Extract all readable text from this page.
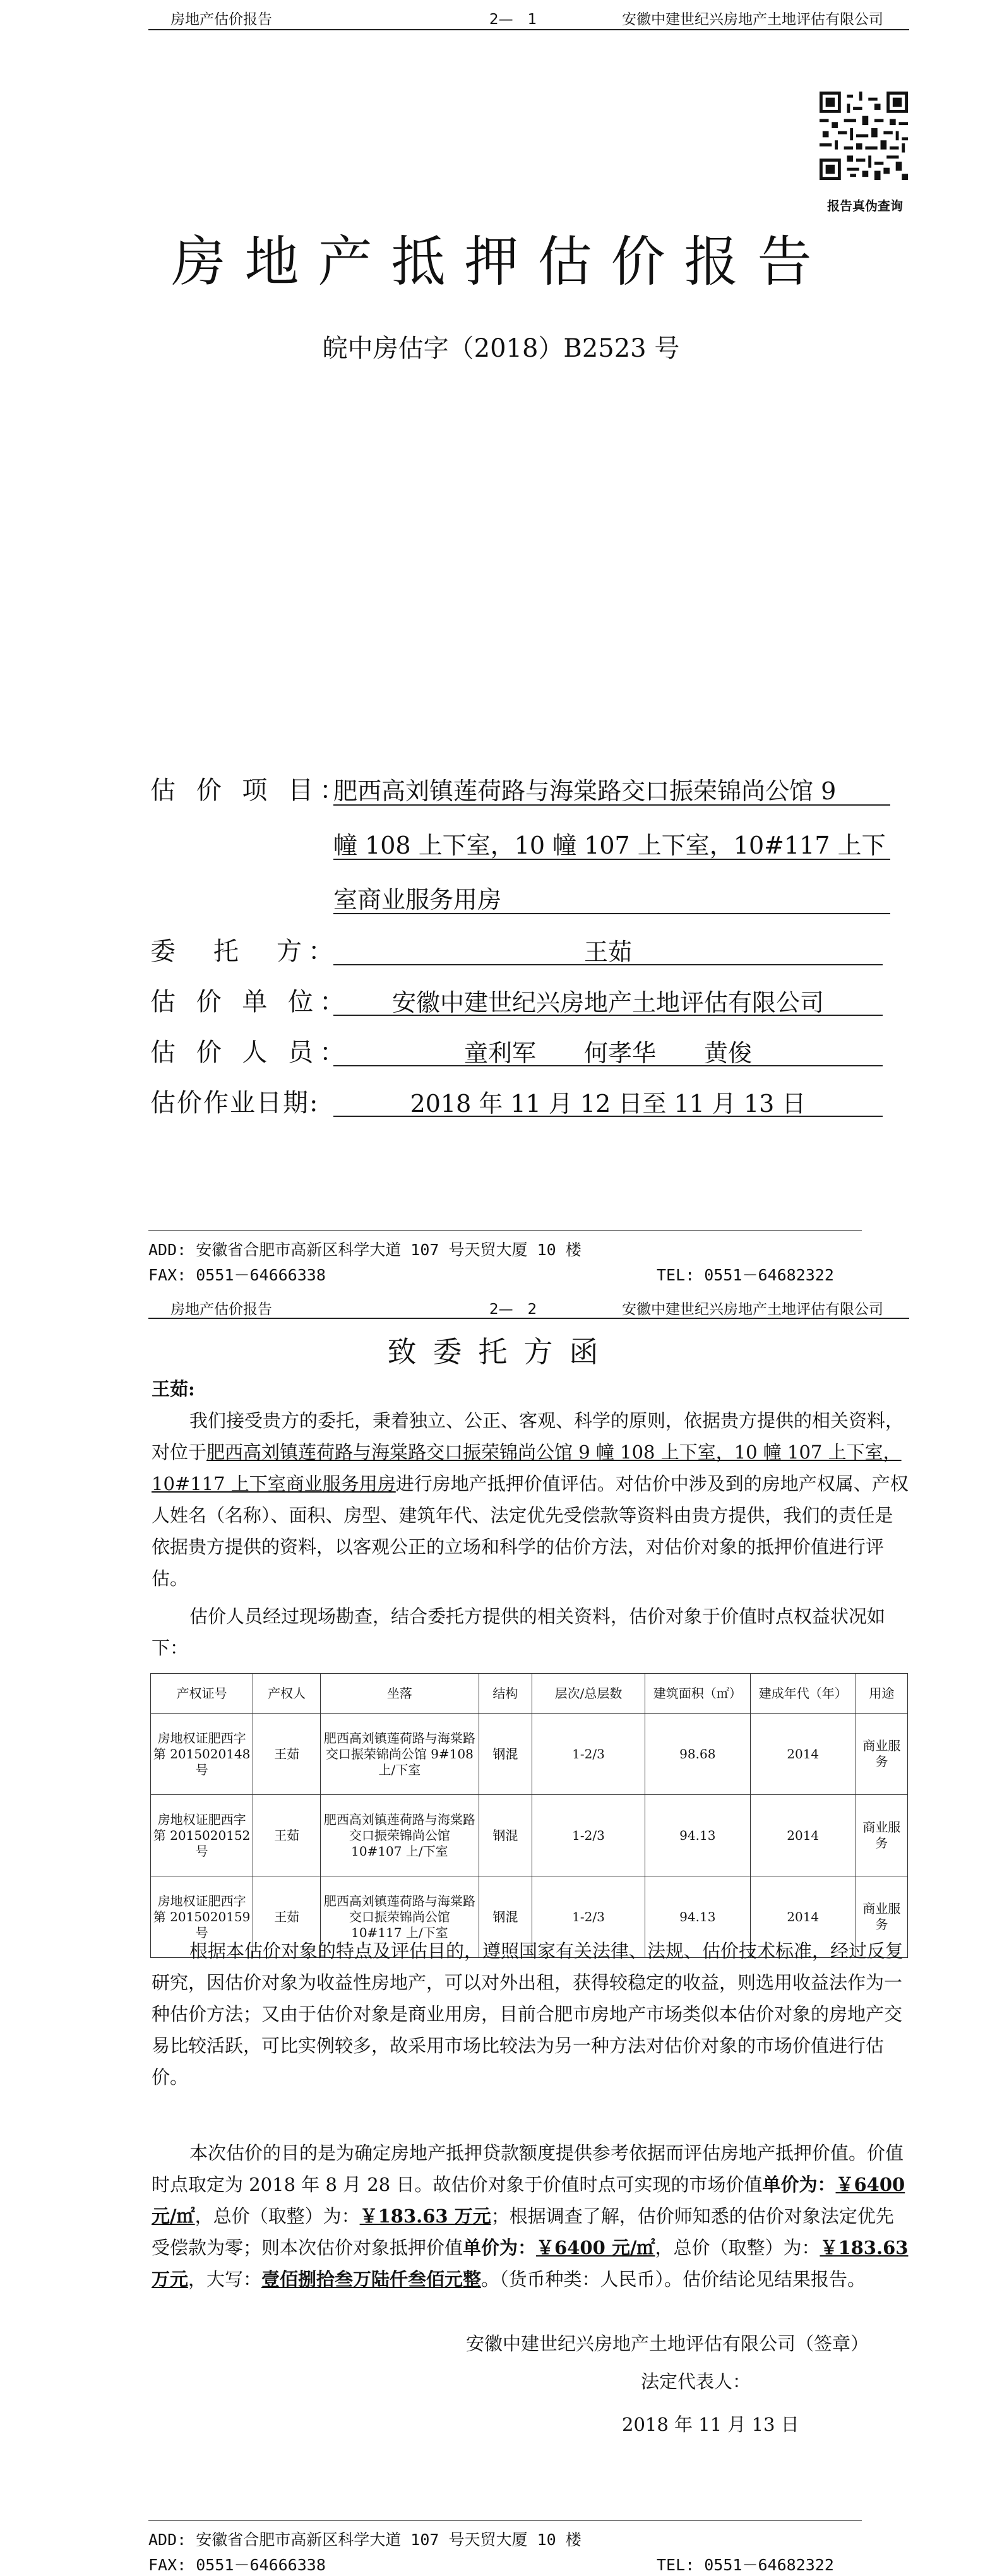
房地产估价报告	2—　1	安徽中建世纪兴房地产土地评估有限公司
报告真伪查询
房地产抵押估价报告
皖中房估字（2018）B2523 号
估 价 项 目：
肥西高刘镇莲荷路与海棠路交口振荣锦尚公馆 9
幢 108 上下室，10 幢 107 上下室，10#117 上下
室商业服务用房
委　托　方：	王茹
估 价 单 位：	安徽中建世纪兴房地产土地评估有限公司
估 价 人 员：	童利军　　何孝华　　黄俊
估价作业日期:	2018 年 11 月 12 日至 11 月 13 日
ADD: 安徽省合肥市高新区科学大道 107 号天贸大厦 10 楼
FAX: 0551－64666338	TEL: 0551－64682322
房地产估价报告	2—　2	安徽中建世纪兴房地产土地评估有限公司
致委托方函
王茹:

我们接受贵方的委托，秉着独立、公正、客观、科学的原则，依据贵方提供的相关资料，对位于肥西高刘镇莲荷路与海棠路交口振荣锦尚公馆 9 幢 108 上下室，10 幢 107 上下室，10#117 上下室商业服务用房进行房地产抵押价值评估。对估价中涉及到的房地产权属、产权人姓名（名称）、面积、房型、建筑年代、法定优先受偿款等资料由贵方提供，我们的责任是依据贵方提供的资料，以客观公正的立场和科学的估价方法，对估价对象的抵押价值进行评估。

估价人员经过现场勘查，结合委托方提供的相关资料，估价对象于价值时点权益状况如下：

产权证号	产权人	坐落	结构	层次/总层数	建筑面积（㎡）	建成年代（年）	用途
房地权证肥西字第 2015020148 号	王茹	肥西高刘镇莲荷路与海棠路交口振荣锦尚公馆 9#108 上/下室	钢混	1-2/3	98.68	2014	商业服务
房地权证肥西字第 2015020152 号	王茹	肥西高刘镇莲荷路与海棠路交口振荣锦尚公馆 10#107 上/下室	钢混	1-2/3	94.13	2014	商业服务
房地权证肥西字第 2015020159 号	王茹	肥西高刘镇莲荷路与海棠路交口振荣锦尚公馆 10#117 上/下室	钢混	1-2/3	94.13	2014	商业服务

根据本估价对象的特点及评估目的，遵照国家有关法律、法规、估价技术标准，经过反复研究，因估价对象为收益性房地产，可以对外出租，获得较稳定的收益，则选用收益法作为一种估价方法；又由于估价对象是商业用房，目前合肥市房地产市场类似本估价对象的房地产交易比较活跃，可比实例较多，故采用市场比较法为另一种方法对估价对象的市场价值进行估价。

本次估价的目的是为确定房地产抵押贷款额度提供参考依据而评估房地产抵押价值。价值时点取定为 2018 年 8 月 28 日。故估价对象于价值时点可实现的市场价值单价为：￥6400 元/㎡，总价（取整）为：￥183.63 万元；根据调查了解，估价师知悉的估价对象法定优先受偿款为零；则本次估价对象抵押价值单价为：￥6400 元/㎡，总价（取整）为：￥183.63 万元，大写：壹佰捌拾叁万陆仟叁佰元整。（货币种类：人民币）。估价结论见结果报告。

安徽中建世纪兴房地产土地评估有限公司（签章）
法定代表人：
2018 年 11 月 13 日
ADD: 安徽省合肥市高新区科学大道 107 号天贸大厦 10 楼
FAX: 0551－64666338	TEL: 0551－64682322
